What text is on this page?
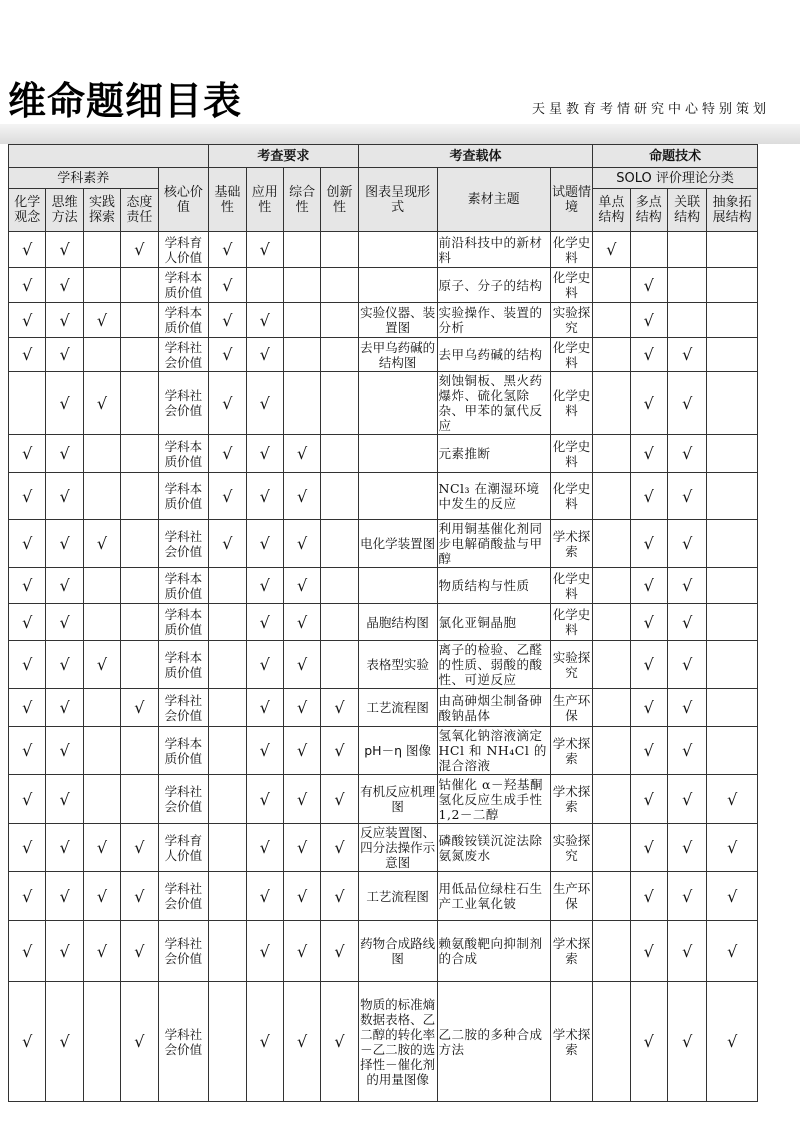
维命题细目表	天星教育考情研究中心特别策划
					考查要求				考查载体			命题技术			
学科素养				核心价值	基础性	应用性	综合性	创新性	图表呈现形式	素材主题	试题情境	SOLO 评价理论分类			
化学观念	思维方法	实践探索	态度责任									单点结构	多点结构	关联结构	抽象拓展结构
√	√		√	学科育人价值	√	√				前沿科技中的新材料	化学史料	√			
√	√			学科本质价值	√					原子、分子的结构	化学史料		√		
√	√	√		学科本质价值	√	√			实验仪器、装置图	实验操作、装置的分析	实验探究		√		
√	√			学科社会价值	√	√			去甲乌药碱的结构图	去甲乌药碱的结构	化学史料		√	√	
	√	√		学科社会价值	√	√				刻蚀铜板、黑火药爆炸、硫化氢除杂、甲苯的氯代反应	化学史料		√	√	
√	√			学科本质价值	√	√	√			元素推断	化学史料		√	√	
√	√			学科本质价值	√	√	√			NCl₃ 在潮湿环境中发生的反应	化学史料		√	√	
√	√	√		学科社会价值	√	√	√		电化学装置图	利用铜基催化剂同步电解硝酸盐与甲醇	学术探索		√	√	
√	√			学科本质价值		√	√			物质结构与性质	化学史料		√	√	
√	√			学科本质价值		√	√		晶胞结构图	氯化亚铜晶胞	化学史料		√	√	
√	√	√		学科本质价值		√	√		表格型实验	离子的检验、乙醛的性质、弱酸的酸性、可逆反应	实验探究		√	√	
√	√		√	学科社会价值		√	√	√	工艺流程图	由高砷烟尘制备砷酸钠晶体	生产环保		√	√	
√	√			学科本质价值		√	√	√	pH－η 图像	氢氧化钠溶液滴定 HCl 和 NH₄Cl 的混合溶液	学术探索		√	√	
√	√			学科社会价值		√	√	√	有机反应机理图	钴催化 α－羟基酮氢化反应生成手性 1,2－二醇	学术探索		√	√	√
√	√	√	√	学科育人价值		√	√	√	反应装置图、四分法操作示意图	磷酸铵镁沉淀法除氨氮废水	实验探究		√	√	√
√	√	√	√	学科社会价值		√	√	√	工艺流程图	用低品位绿柱石生产工业氧化铍	生产环保		√	√	√
√	√	√	√	学科社会价值		√	√	√	药物合成路线图	赖氨酸靶向抑制剂的合成	学术探索		√	√	√
√	√		√	学科社会价值		√	√	√	物质的标准熵数据表格、乙二醇的转化率－乙二胺的选择性－催化剂的用量图像	乙二胺的多种合成方法	学术探索		√	√	√
